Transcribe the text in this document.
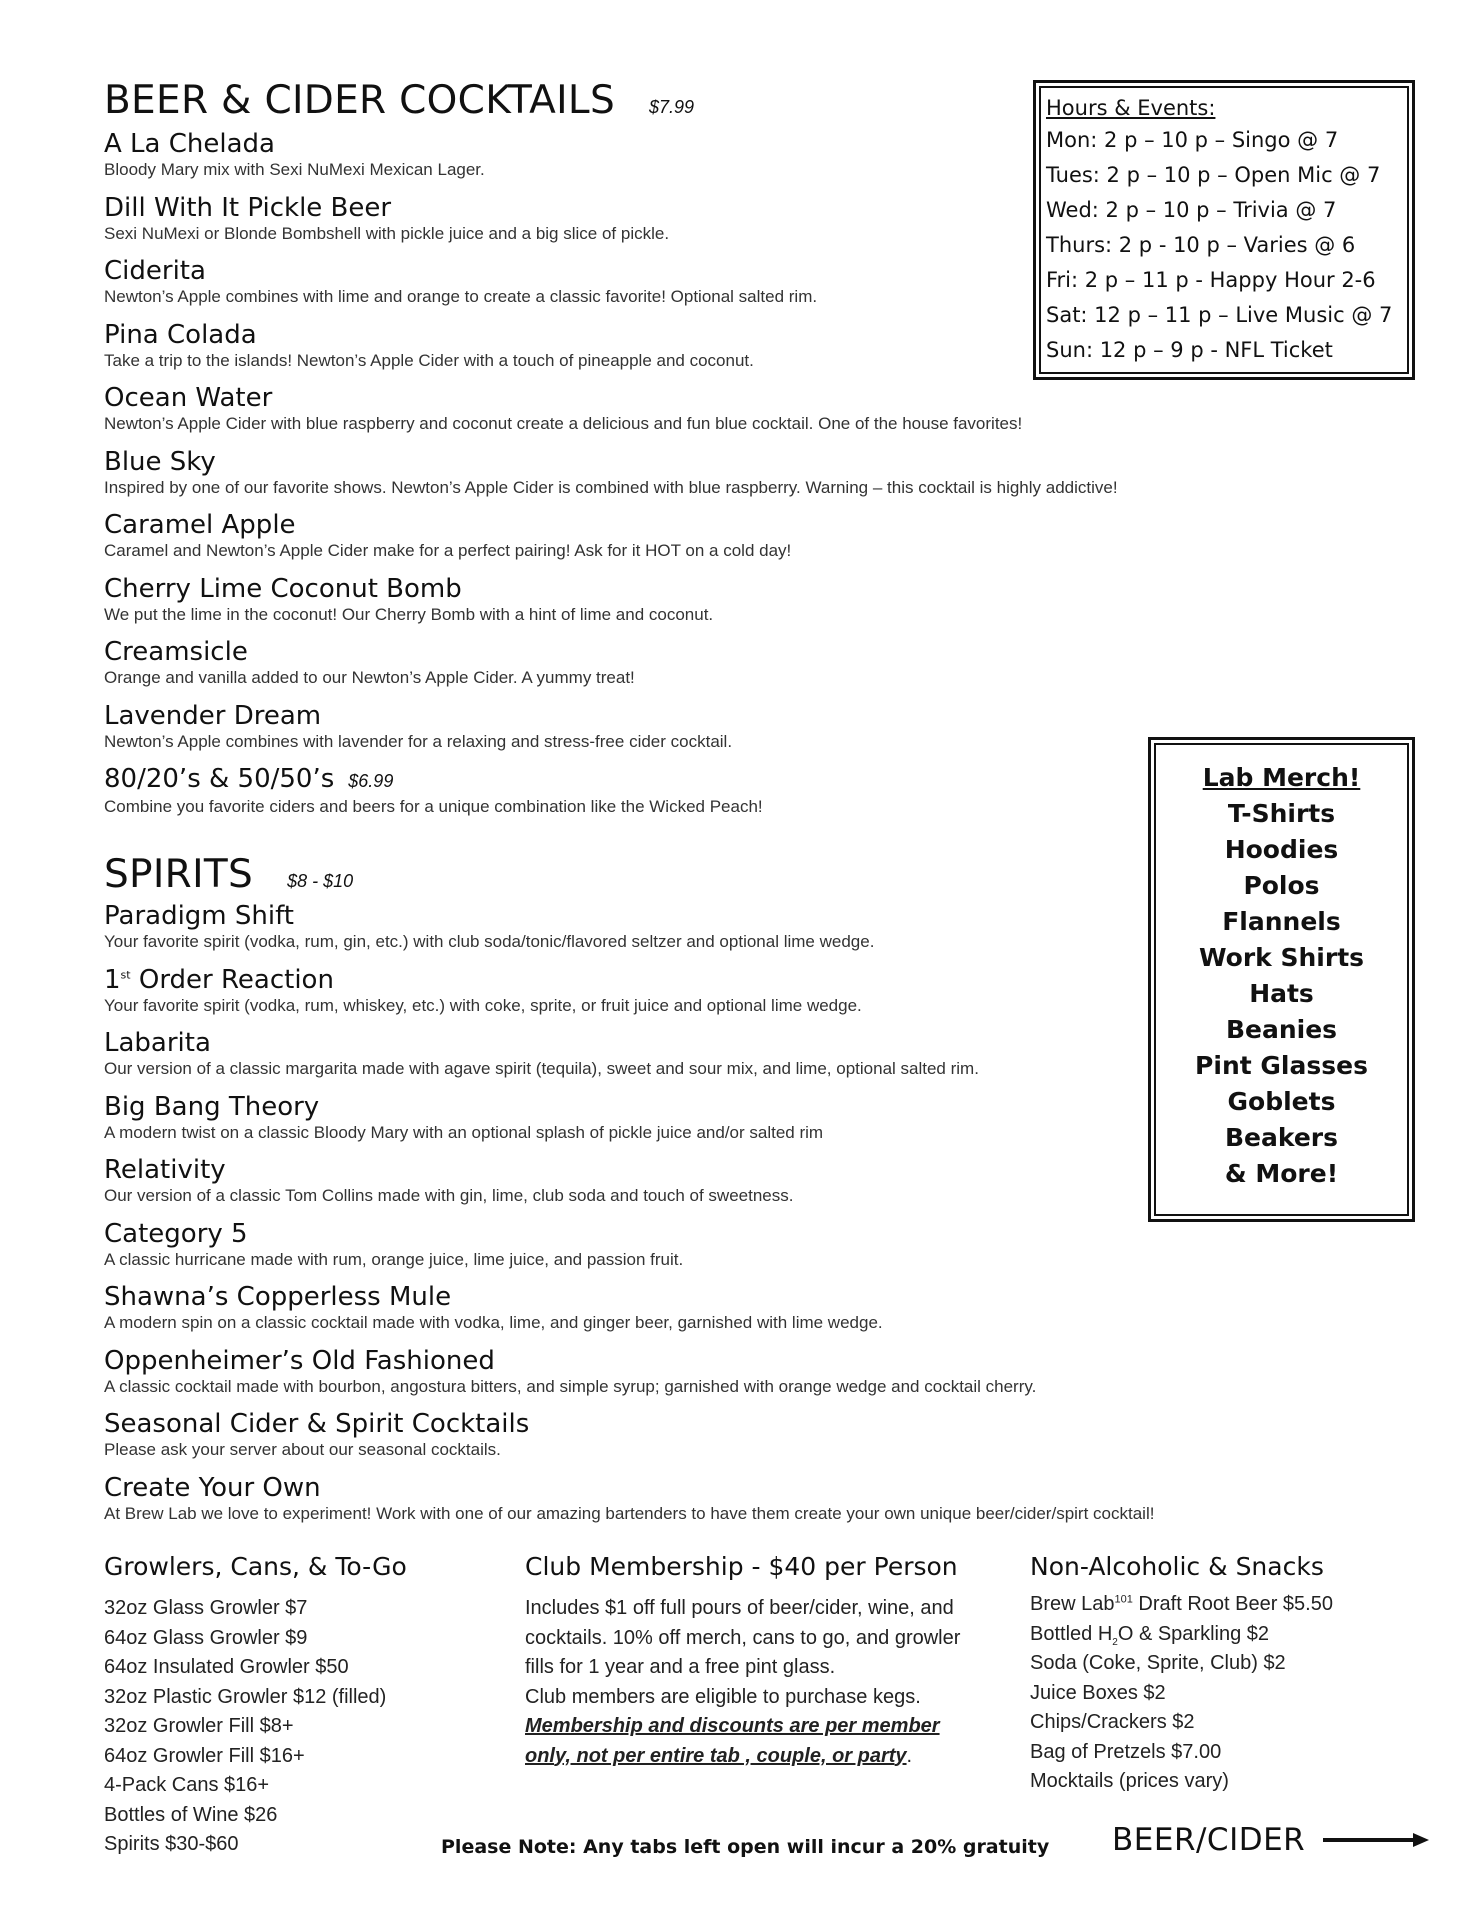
BEER & CIDER COCKTAILS $7.99
A La Chelada
Bloody Mary mix with Sexi NuMexi Mexican Lager.
Dill With It Pickle Beer
Sexi NuMexi or Blonde Bombshell with pickle juice and a big slice of pickle.
Ciderita
Newton’s Apple combines with lime and orange to create a classic favorite! Optional salted rim.
Pina Colada
Take a trip to the islands! Newton’s Apple Cider with a touch of pineapple and coconut.
Ocean Water
Newton’s Apple Cider with blue raspberry and coconut create a delicious and fun blue cocktail. One of the house favorites!
Blue Sky
Inspired by one of our favorite shows. Newton’s Apple Cider is combined with blue raspberry. Warning – this cocktail is highly addictive!
Caramel Apple
Caramel and Newton’s Apple Cider make for a perfect pairing! Ask for it HOT on a cold day!
Cherry Lime Coconut Bomb
We put the lime in the coconut! Our Cherry Bomb with a hint of lime and coconut.
Creamsicle
Orange and vanilla added to our Newton’s Apple Cider. A yummy treat!
Lavender Dream
Newton’s Apple combines with lavender for a relaxing and stress-free cider cocktail.
80/20’s & 50/50’s $6.99
Combine you favorite ciders and beers for a unique combination like the Wicked Peach!
SPIRITS $8 - $10
Paradigm Shift
Your favorite spirit (vodka, rum, gin, etc.) with club soda/tonic/flavored seltzer and optional lime wedge.
1st Order Reaction
Your favorite spirit (vodka, rum, whiskey, etc.) with coke, sprite, or fruit juice and optional lime wedge.
Labarita
Our version of a classic margarita made with agave spirit (tequila), sweet and sour mix, and lime, optional salted rim.
Big Bang Theory
A modern twist on a classic Bloody Mary with an optional splash of pickle juice and/or salted rim
Relativity
Our version of a classic Tom Collins made with gin, lime, club soda and touch of sweetness.
Category 5
A classic hurricane made with rum, orange juice, lime juice, and passion fruit.
Shawna’s Copperless Mule
A modern spin on a classic cocktail made with vodka, lime, and ginger beer, garnished with lime wedge.
Oppenheimer’s Old Fashioned
A classic cocktail made with bourbon, angostura bitters, and simple syrup; garnished with orange wedge and cocktail cherry.
Seasonal Cider & Spirit Cocktails
Please ask your server about our seasonal cocktails.
Create Your Own
At Brew Lab we love to experiment! Work with one of our amazing bartenders to have them create your own unique beer/cider/spirt cocktail!
Hours & Events:
Mon: 2 p – 10 p – Singo @ 7
Tues: 2 p – 10 p – Open Mic @ 7
Wed: 2 p – 10 p – Trivia @ 7
Thurs: 2 p - 10 p – Varies @ 6
Fri: 2 p – 11 p - Happy Hour 2-6
Sat: 12 p – 11 p – Live Music @ 7
Sun: 12 p – 9 p - NFL Ticket
Lab Merch!
T-Shirts
Hoodies
Polos
Flannels
Work Shirts
Hats
Beanies
Pint Glasses
Goblets
Beakers
& More!
Growlers, Cans, & To-Go
32oz Glass Growler $7
64oz Glass Growler $9
64oz Insulated Growler $50
32oz Plastic Growler $12 (filled)
32oz Growler Fill $8+
64oz Growler Fill $16+
4-Pack Cans $16+
Bottles of Wine $26
Spirits $30-$60
Club Membership - $40 per Person
Includes $1 off full pours of beer/cider, wine, and
cocktails. 10% off merch, cans to go, and growler
fills for 1 year and a free pint glass.
Club members are eligible to purchase kegs.
Membership and discounts are per member
only, not per entire tab , couple, or party.
Non-Alcoholic & Snacks
Brew Lab$^{101}$ Draft Root Beer $5.50
Bottled $H_2O$ & Sparkling $2
Soda (Coke, Sprite, Club) $2
Juice Boxes $2
Chips/Crackers $2
Bag of Pretzels $7.00
Mocktails (prices vary)
Please Note: Any tabs left open will incur a 20% gratuity BEER/CIDER
